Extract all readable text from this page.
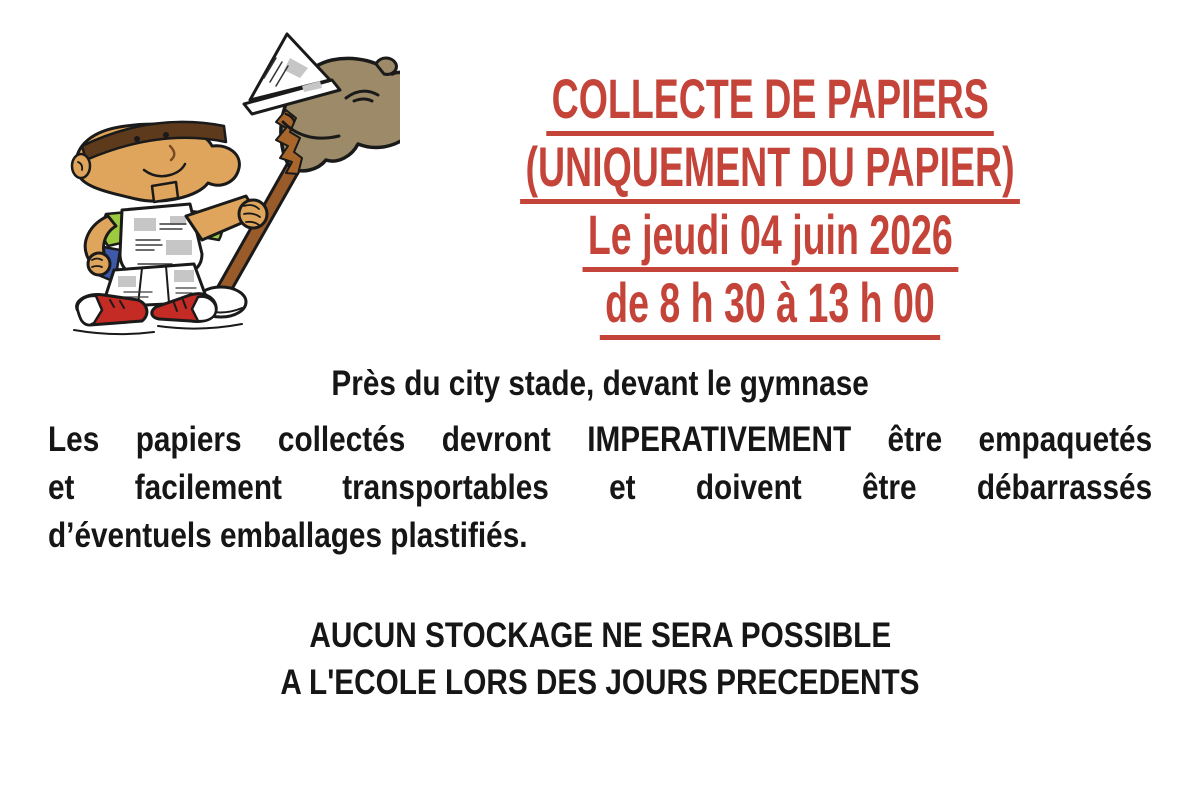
COLLECTE DE PAPIERS
(UNIQUEMENT DU PAPIER)
Le jeudi 04 juin 2026
de 8 h 30 à 13 h 00
Près du city stade, devant le gymnase
Les papiers collectés devront IMPERATIVEMENT être empaquetés
et facilement transportables et doivent être débarrassés
d’éventuels emballages plastifiés.
AUCUN STOCKAGE NE SERA POSSIBLE
A L'ECOLE LORS DES JOURS PRECEDENTS
